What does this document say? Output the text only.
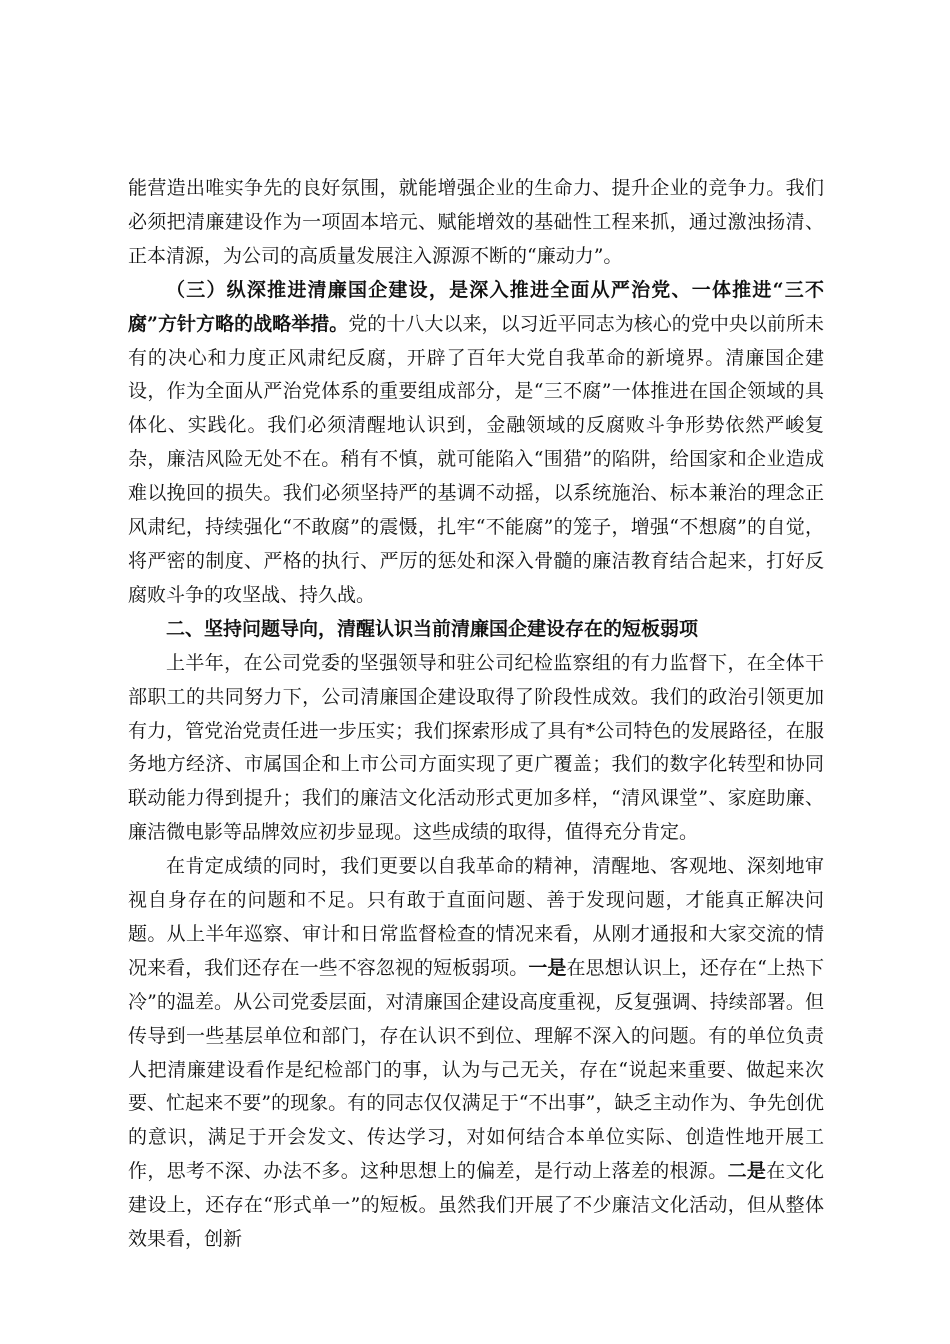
能营造出唯实争先的良好氛围，就能增强企业的生命力、提升企业的竞争力。我们必须把清廉建设作为一项固本培元、赋能增效的基础性工程来抓，通过激浊扬清、正本清源，为公司的高质量发展注入源源不断的“廉动力”。

（三）纵深推进清廉国企建设，是深入推进全面从严治党、一体推进“三不腐”方针方略的战略举措。党的十八大以来，以习近平同志为核心的党中央以前所未有的决心和力度正风肃纪反腐，开辟了百年大党自我革命的新境界。清廉国企建设，作为全面从严治党体系的重要组成部分，是“三不腐”一体推进在国企领域的具体化、实践化。我们必须清醒地认识到，金融领域的反腐败斗争形势依然严峻复杂，廉洁风险无处不在。稍有不慎，就可能陷入“围猎”的陷阱，给国家和企业造成难以挽回的损失。我们必须坚持严的基调不动摇，以系统施治、标本兼治的理念正风肃纪，持续强化“不敢腐”的震慑，扎牢“不能腐”的笼子，增强“不想腐”的自觉，将严密的制度、严格的执行、严厉的惩处和深入骨髓的廉洁教育结合起来，打好反腐败斗争的攻坚战、持久战。

二、坚持问题导向，清醒认识当前清廉国企建设存在的短板弱项

上半年，在公司党委的坚强领导和驻公司纪检监察组的有力监督下，在全体干部职工的共同努力下，公司清廉国企建设取得了阶段性成效。我们的政治引领更加有力，管党治党责任进一步压实；我们探索形成了具有*公司特色的发展路径，在服务地方经济、市属国企和上市公司方面实现了更广覆盖；我们的数字化转型和协同联动能力得到提升；我们的廉洁文化活动形式更加多样，“清风课堂”、家庭助廉、廉洁微电影等品牌效应初步显现。这些成绩的取得，值得充分肯定。

在肯定成绩的同时，我们更要以自我革命的精神，清醒地、客观地、深刻地审视自身存在的问题和不足。只有敢于直面问题、善于发现问题，才能真正解决问题。从上半年巡察、审计和日常监督检查的情况来看，从刚才通报和大家交流的情况来看，我们还存在一些不容忽视的短板弱项。一是在思想认识上，还存在“上热下冷”的温差。从公司党委层面，对清廉国企建设高度重视，反复强调、持续部署。但传导到一些基层单位和部门，存在认识不到位、理解不深入的问题。有的单位负责人把清廉建设看作是纪检部门的事，认为与己无关，存在“说起来重要、做起来次要、忙起来不要”的现象。有的同志仅仅满足于“不出事”，缺乏主动作为、争先创优的意识，满足于开会发文、传达学习，对如何结合本单位实际、创造性地开展工作，思考不深、办法不多。这种思想上的偏差，是行动上落差的根源。二是在文化建设上，还存在“形式单一”的短板。虽然我们开展了不少廉洁文化活动，但从整体效果看，创新
